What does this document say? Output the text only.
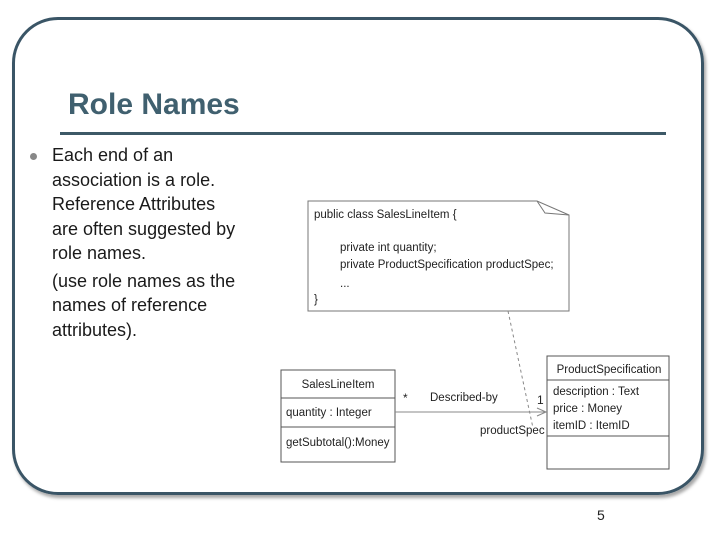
Role Names
Each end of an
association is a role.
Reference Attributes
are often suggested by
role names.
(use role names as the
names of reference
attributes).
public class SalesLineItem {
private int quantity;
private ProductSpecification productSpec;
...
}
SalesLineItem
quantity : Integer
getSubtotal():Money
ProductSpecification
description : Text
price : Money
itemID : ItemID
* Described-by	1
productSpec
5
